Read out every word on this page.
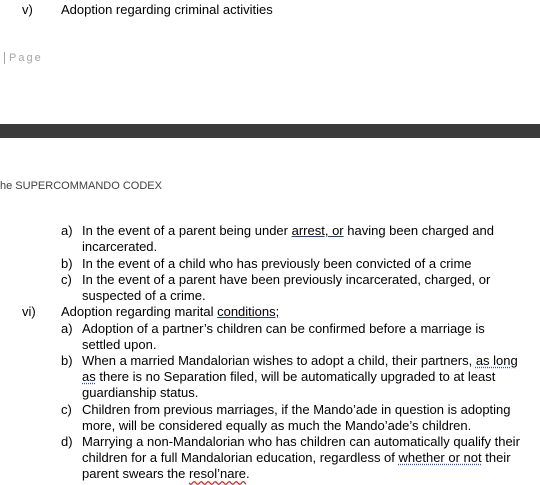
v) Adoption regarding criminal activities
Page
he SUPERCOMMANDO CODEX
a) In the event of a parent being under arrest, or having been charged and
incarcerated.
b) In the event of a child who has previously been convicted of a crime
c) In the event of a parent have been previously incarcerated, charged, or
suspected of a crime.
vi) Adoption regarding marital conditions;
a) Adoption of a partner’s children can be confirmed before a marriage is
settled upon.
b) When a married Mandalorian wishes to adopt a child, their partners, as long
as there is no Separation filed, will be automatically upgraded to at least
guardianship status.
c) Children from previous marriages, if the Mando’ade in question is adopting
more, will be considered equally as much the Mando’ade’s children.
d) Marrying a non-Mandalorian who has children can automatically qualify their
children for a full Mandalorian education, regardless of whether or not their
parent swears the resol’nare.
